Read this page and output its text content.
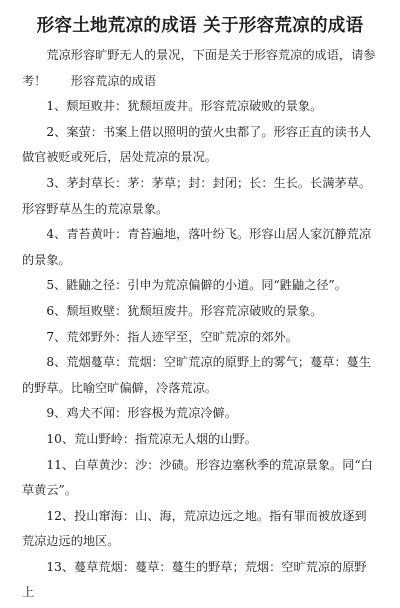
形容土地荒凉的成语 关于形容荒凉的成语

荒凉形容旷野无人的景况，下面是关于形容荒凉的成语，请参考！　　形容荒凉的成语

1、颓垣败井：犹颓垣废井。形容荒凉破败的景象。

2、案萤：书案上借以照明的萤火虫都了。形容正直的读书人做官被贬或死后，居处荒凉的景况。

3、茅封草长：茅：茅草；封：封闭；长：生长。长满茅草。形容野草丛生的荒凉景象。

4、青苔黄叶：青苔遍地，落叶纷飞。形容山居人家沉静荒凉的景象。

5、鼪鼬之径：引申为荒凉偏僻的小道。同“鼪鼬之径”。

6、颓垣败壁：犹颓垣废井。形容荒凉破败的景象。

7、荒郊野外：指人迹罕至，空旷荒凉的郊外。

8、荒烟蔓草：荒烟：空旷荒凉的原野上的雾气；蔓草：蔓生的野草。比喻空旷偏僻，冷落荒凉。

9、鸡犬不闻：形容极为荒凉冷僻。

10、荒山野岭：指荒凉无人烟的山野。

11、白草黄沙：沙：沙碛。形容边塞秋季的荒凉景象。同“白草黄云”。

12、投山窜海：山、海，荒凉边远之地。指有罪而被放逐到荒凉边远的地区。

13、蔓草荒烟：蔓草：蔓生的野草；荒烟：空旷荒凉的原野上
